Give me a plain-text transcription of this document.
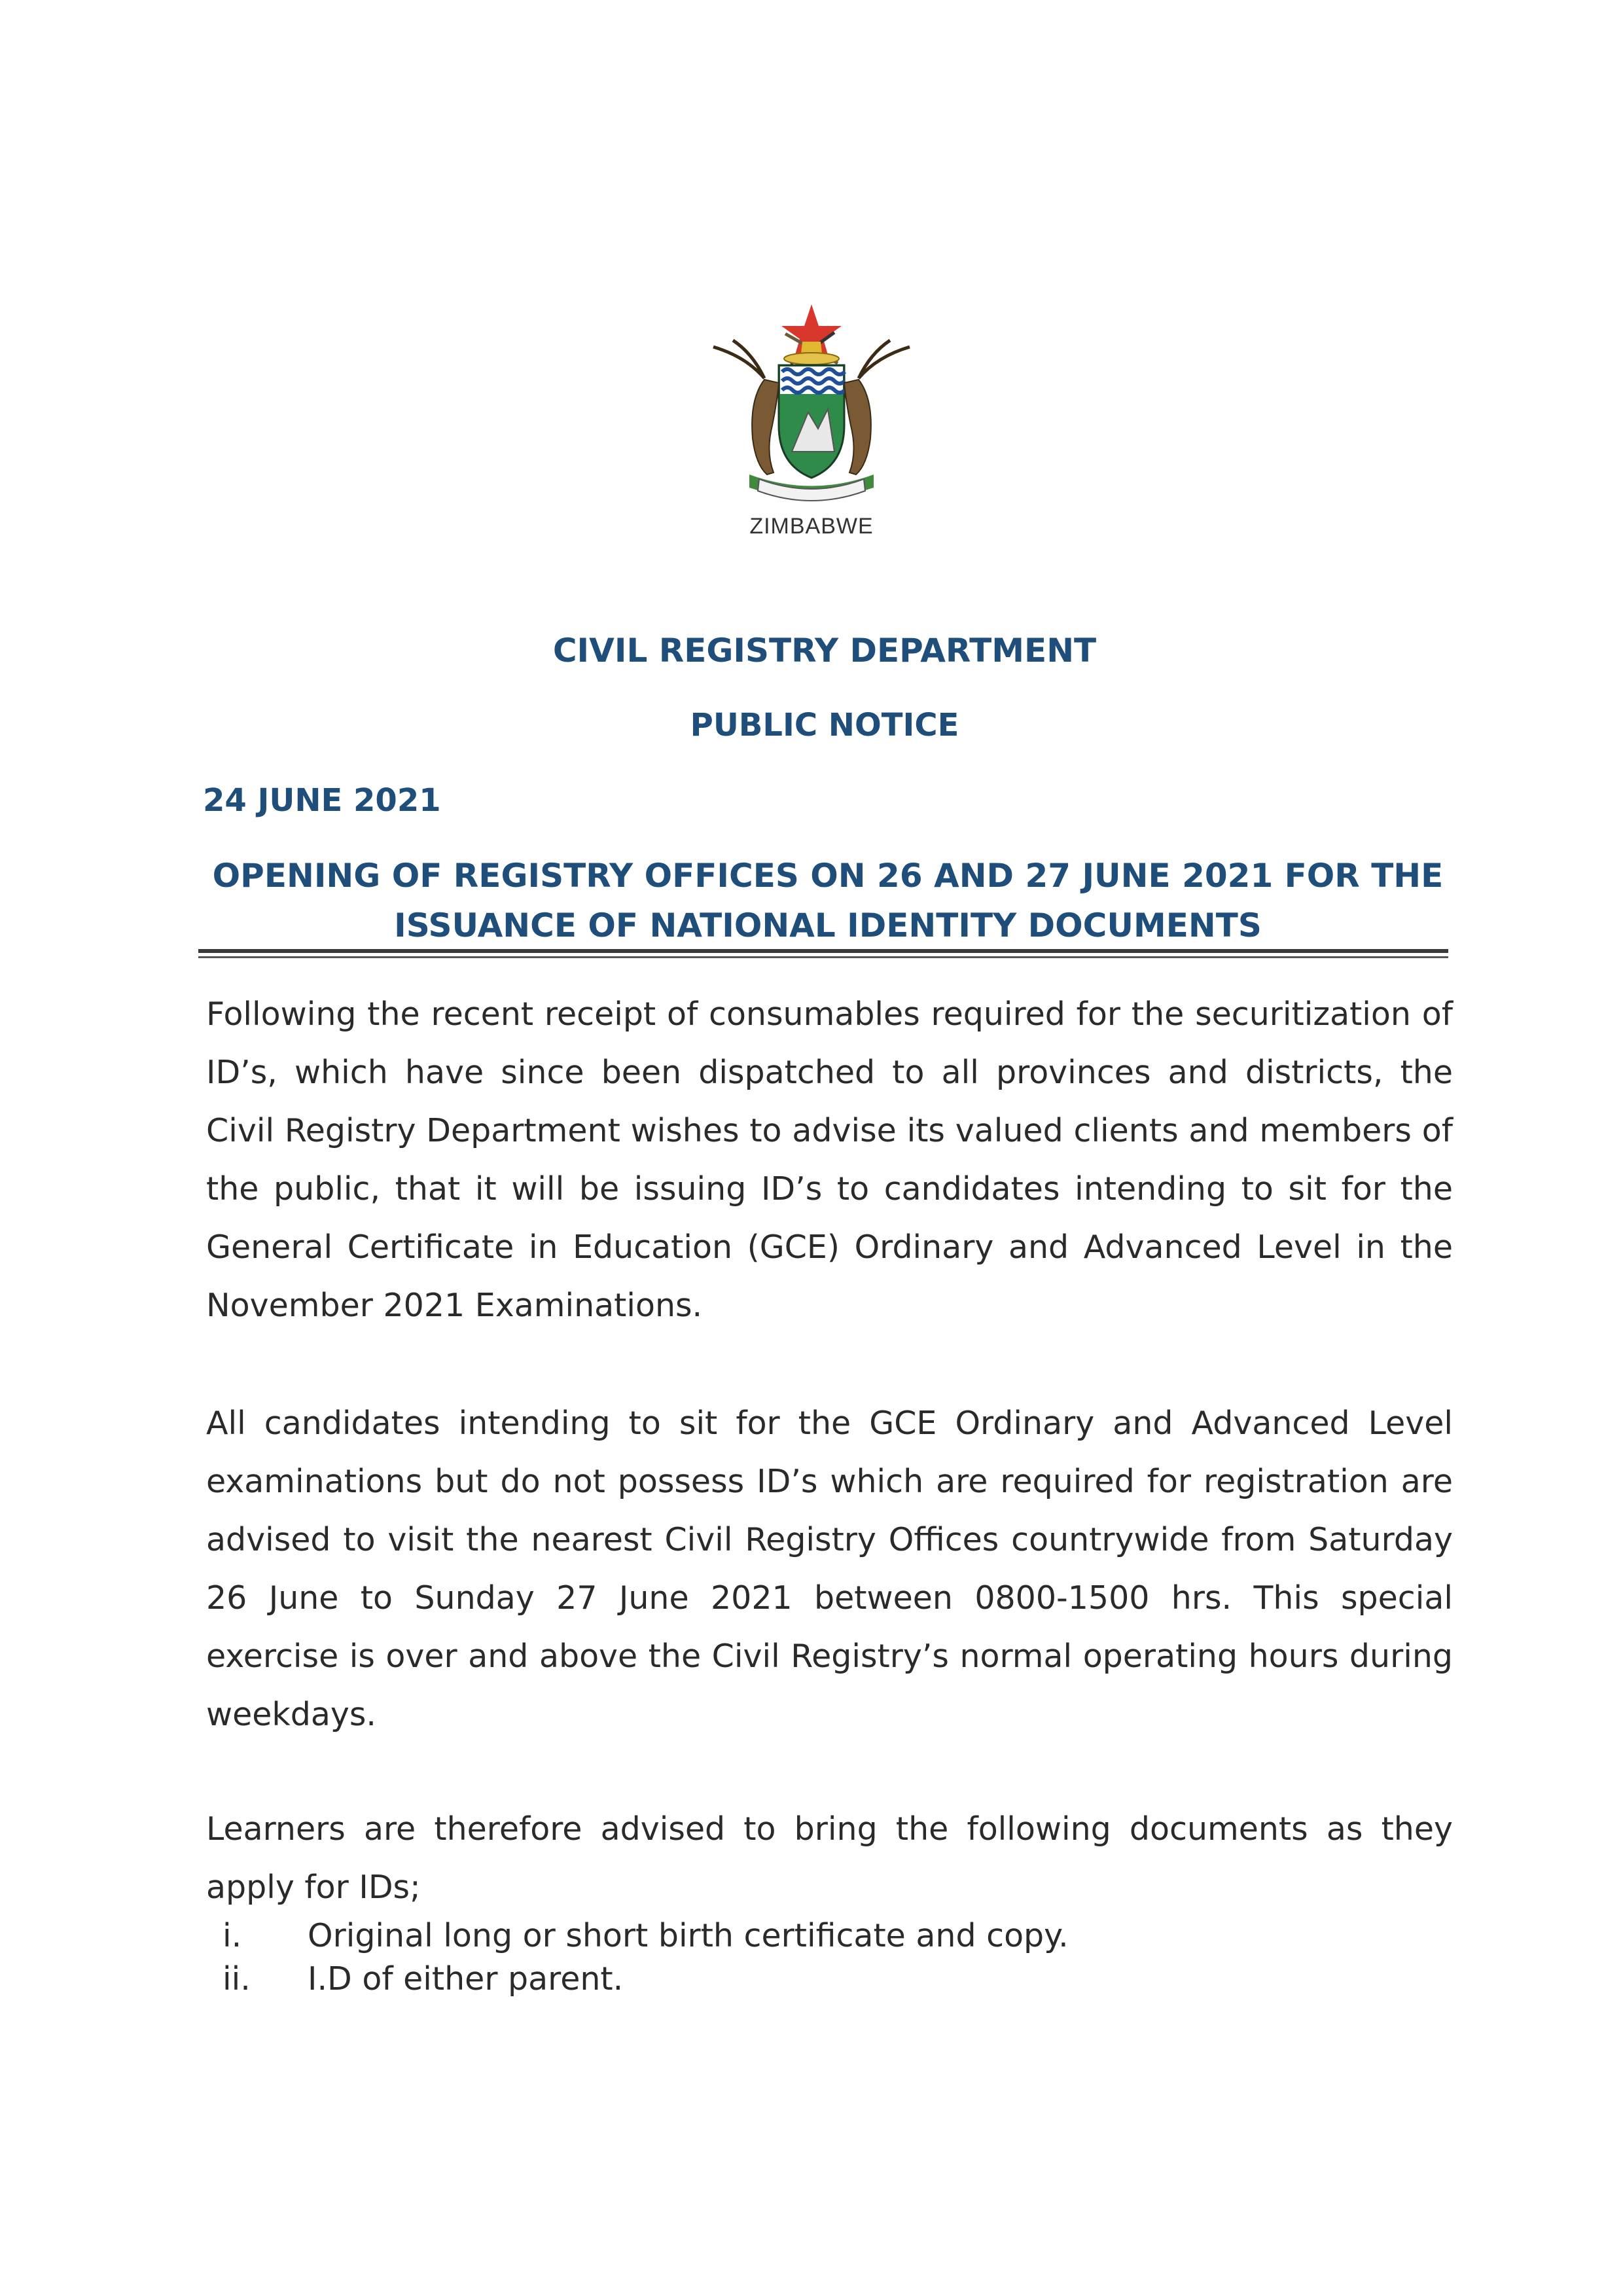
ZIMBABWE
CIVIL REGISTRY DEPARTMENT
PUBLIC NOTICE
24 JUNE 2021
OPENING OF REGISTRY OFFICES ON 26 AND 27 JUNE 2021 FOR THE
ISSUANCE OF NATIONAL IDENTITY DOCUMENTS
Following the recent receipt of consumables required for the securitization of ID’s, which have since been dispatched to all provinces and districts, the Civil Registry Department wishes to advise its valued clients and members of the public, that it will be issuing ID’s to candidates intending to sit for the General Certificate in Education (GCE) Ordinary and Advanced Level in the November 2021 Examinations.
All candidates intending to sit for the GCE Ordinary and Advanced Level examinations but do not possess ID’s which are required for registration are advised to visit the nearest Civil Registry Offices countrywide from Saturday 26 June to Sunday 27 June 2021 between 0800-1500 hrs. This special exercise is over and above the Civil Registry’s normal operating hours during weekdays.
Learners are therefore advised to bring the following documents as they apply for IDs;
i.	Original long or short birth certificate and copy.
ii.	I.D of either parent.
